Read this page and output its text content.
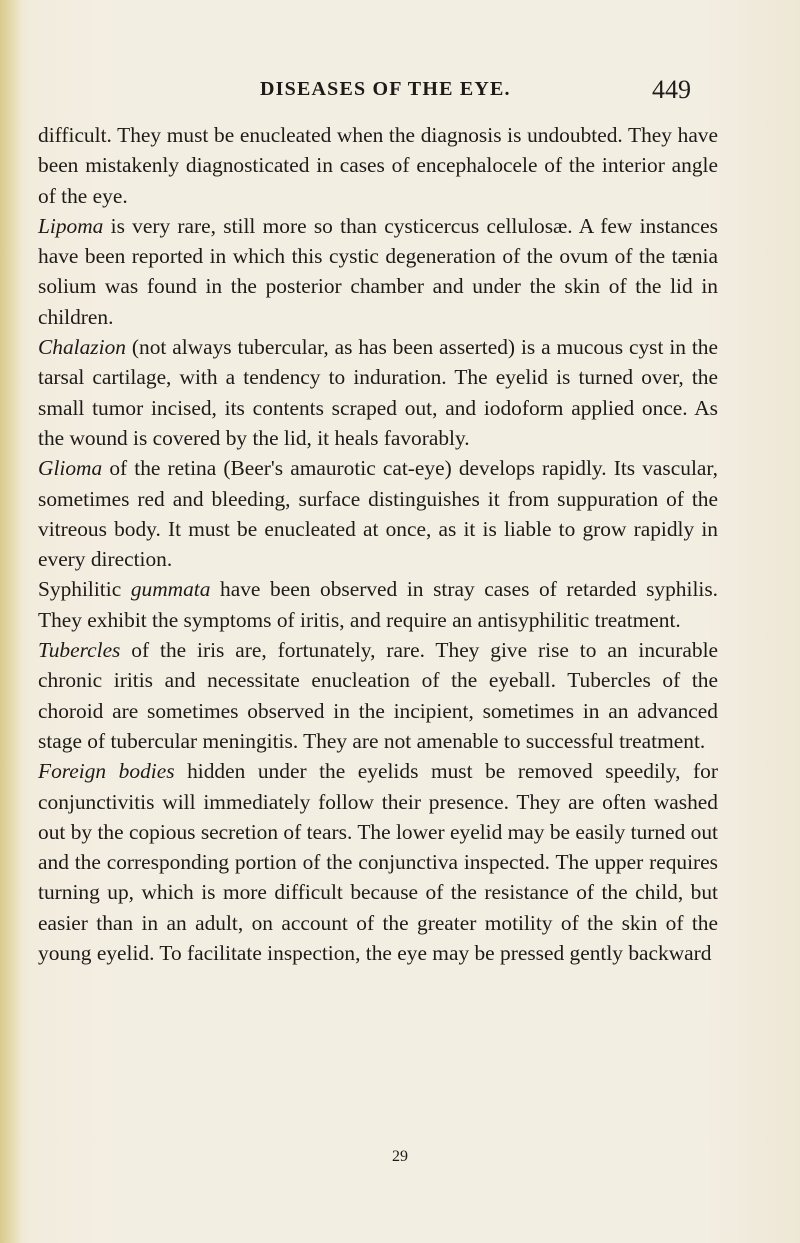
DISEASES OF THE EYE.	449

difficult. They must be enucleated when the diagnosis is undoubted. They have been mistakenly diagnosticated in cases of encephalocele of the interior angle of the eye.

Lipoma is very rare, still more so than cysticercus cellulosæ. A few instances have been reported in which this cystic degeneration of the ovum of the tænia solium was found in the posterior chamber and under the skin of the lid in children.

Chalazion (not always tubercular, as has been asserted) is a mucous cyst in the tarsal cartilage, with a tendency to induration. The eyelid is turned over, the small tumor incised, its contents scraped out, and iodoform applied once. As the wound is covered by the lid, it heals favorably.

Glioma of the retina (Beer's amaurotic cat-eye) develops rapidly. Its vascular, sometimes red and bleeding, surface distinguishes it from suppuration of the vitreous body. It must be enucleated at once, as it is liable to grow rapidly in every direction.

Syphilitic gummata have been observed in stray cases of retarded syphilis. They exhibit the symptoms of iritis, and require an antisyphilitic treatment.

Tubercles of the iris are, fortunately, rare. They give rise to an incurable chronic iritis and necessitate enucleation of the eyeball. Tubercles of the choroid are sometimes observed in the incipient, sometimes in an advanced stage of tubercular meningitis. They are not amenable to successful treatment.

Foreign bodies hidden under the eyelids must be removed speedily, for conjunctivitis will immediately follow their presence. They are often washed out by the copious secretion of tears. The lower eyelid may be easily turned out and the corresponding portion of the conjunctiva inspected. The upper requires turning up, which is more difficult because of the resistance of the child, but easier than in an adult, on account of the greater motility of the skin of the young eyelid. To facilitate inspection, the eye may be pressed gently backward

29
